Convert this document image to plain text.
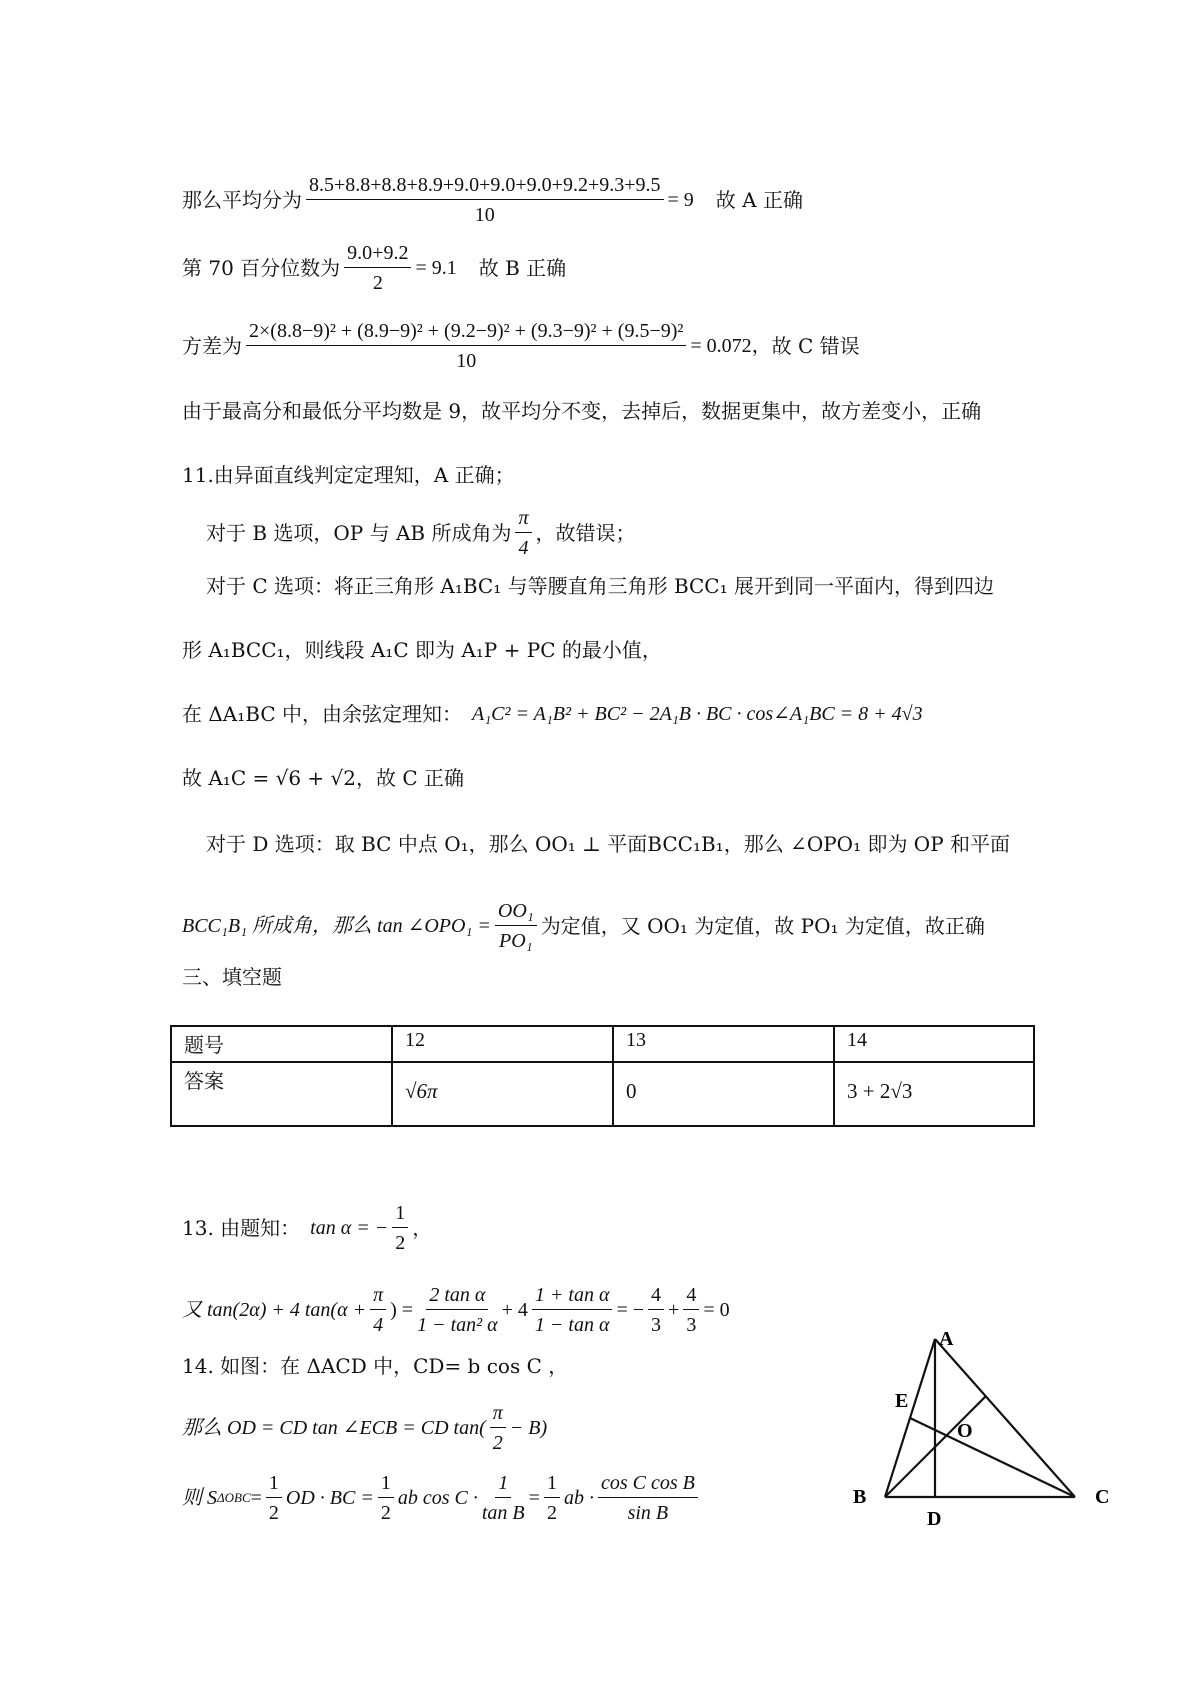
那么平均分为 $\frac{8.5+8.8+8.8+8.9+9.0+9.0+9.0+9.2+9.3+9.5}{10} = 9$ 故 A 正确
第 70 百分位数为 $\frac{9.0+9.2}{2} = 9.1$ 故 B 正确
方差为 $\frac{\text{2×(8.8−9)² + (8.9−9)² + (9.2−9)² + (9.3−9)² + (9.5−9)²}}{10} = 0.072$， 故 C 错误
由于最高分和最低分平均数是 9，故平均分不变，去掉后，数据更集中，故方差变小，正确
11.由异面直线判定定理知，A 正确；
对于 B 选项，OP 与 AB 所成角为 $\frac{\pi}{4}$ ，故错误；
对于 C 选项：将正三角形 A₁BC₁ 与等腰直角三角形 BCC₁ 展开到同一平面内，得到四边
形 A₁BCC₁，则线段 A₁C 即为 A₁P + PC 的最小值，
在 ΔA₁BC 中，由余弦定理知： A₁C² = A₁B² + BC² − 2A₁B · BC · cos∠A₁BC = 8 + 4√3
故 A₁C = √6 + √2，故 C 正确
对于 D 选项：取 BC 中点 O₁，那么 OO₁ ⊥ 平面BCC₁B₁，那么 ∠OPO₁ 即为 OP 和平面
BCC₁B₁ 所成角，那么 tan ∠OPO₁ = $\frac{\text{OO₁}}{\text{PO₁}}$ 为定值，又 OO₁ 为定值，故 PO₁ 为定值，故正确
三、填空题
题号	12	13	14
答案	√6π	0	3 + 2√3
13. 由题知： tan α = − $\frac{1}{2}$ ，
又 tan(2α) + 4 $\tan(\alpha + \frac{\pi}{4}$ ) = $\frac{\text{2 tan α}}{\text{1 − tan² α}} + 4 \frac{\text{1 + tan α}}{\text{1 − tan α}}$ = − $\frac{4}{3} + \frac{4}{3} = 0$
14. 如图：在 ΔACD 中，CD= b cos C ，
那么 OD = CD tan ∠ECB = CD $\tan( \frac{\pi}{2} - B)$
则 S $\Delta OBC = \frac{1}{2}$ OD · BC = $\frac{1}{2}$ ab $\cos C \cdot \frac{1}{\text{tan B}} = \frac{1}{2}$ ab · $\frac{\text{cos C cos B}}{\text{sin B}}$
A
B	C
D
E
O
